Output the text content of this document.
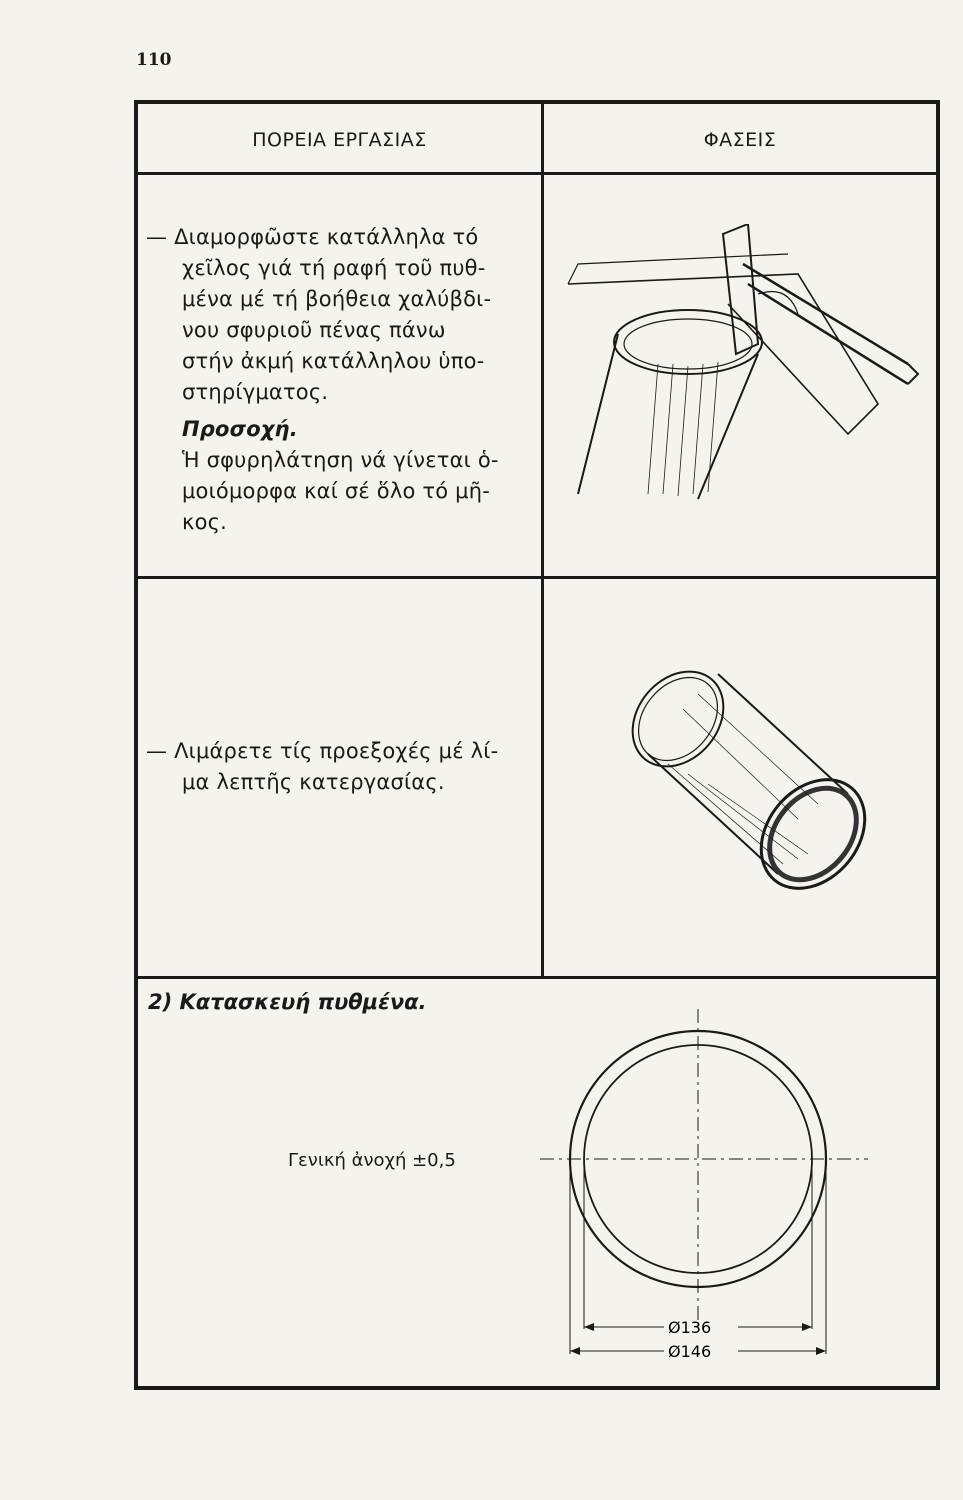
110
ΠΟΡΕΙΑ ΕΡΓΑΣΙΑΣ	ΦΑΣΕΙΣ
— Διαμορφῶστε κατάλληλα τό
χεῖλος γιά τή ραφή τοῦ πυθ-
μένα μέ τή βοήθεια χαλύβδι-
νου σφυριοῦ πένας πάνω
στήν ἀκμή κατάλληλου ὑπο-
στηρίγματος.
Προσοχή.
Ἡ σφυρηλάτηση νά γίνεται ὁ-
μοιόμορφα καί σέ ὅλο τό μῆ-
κος.
— Λιμάρετε τίς προεξοχές μέ λί-
μα λεπτῆς κατεργασίας.
2) Κατασκευή πυθμένα.
Γενική ἀνοχή ±0,5
Ø136
Ø146
